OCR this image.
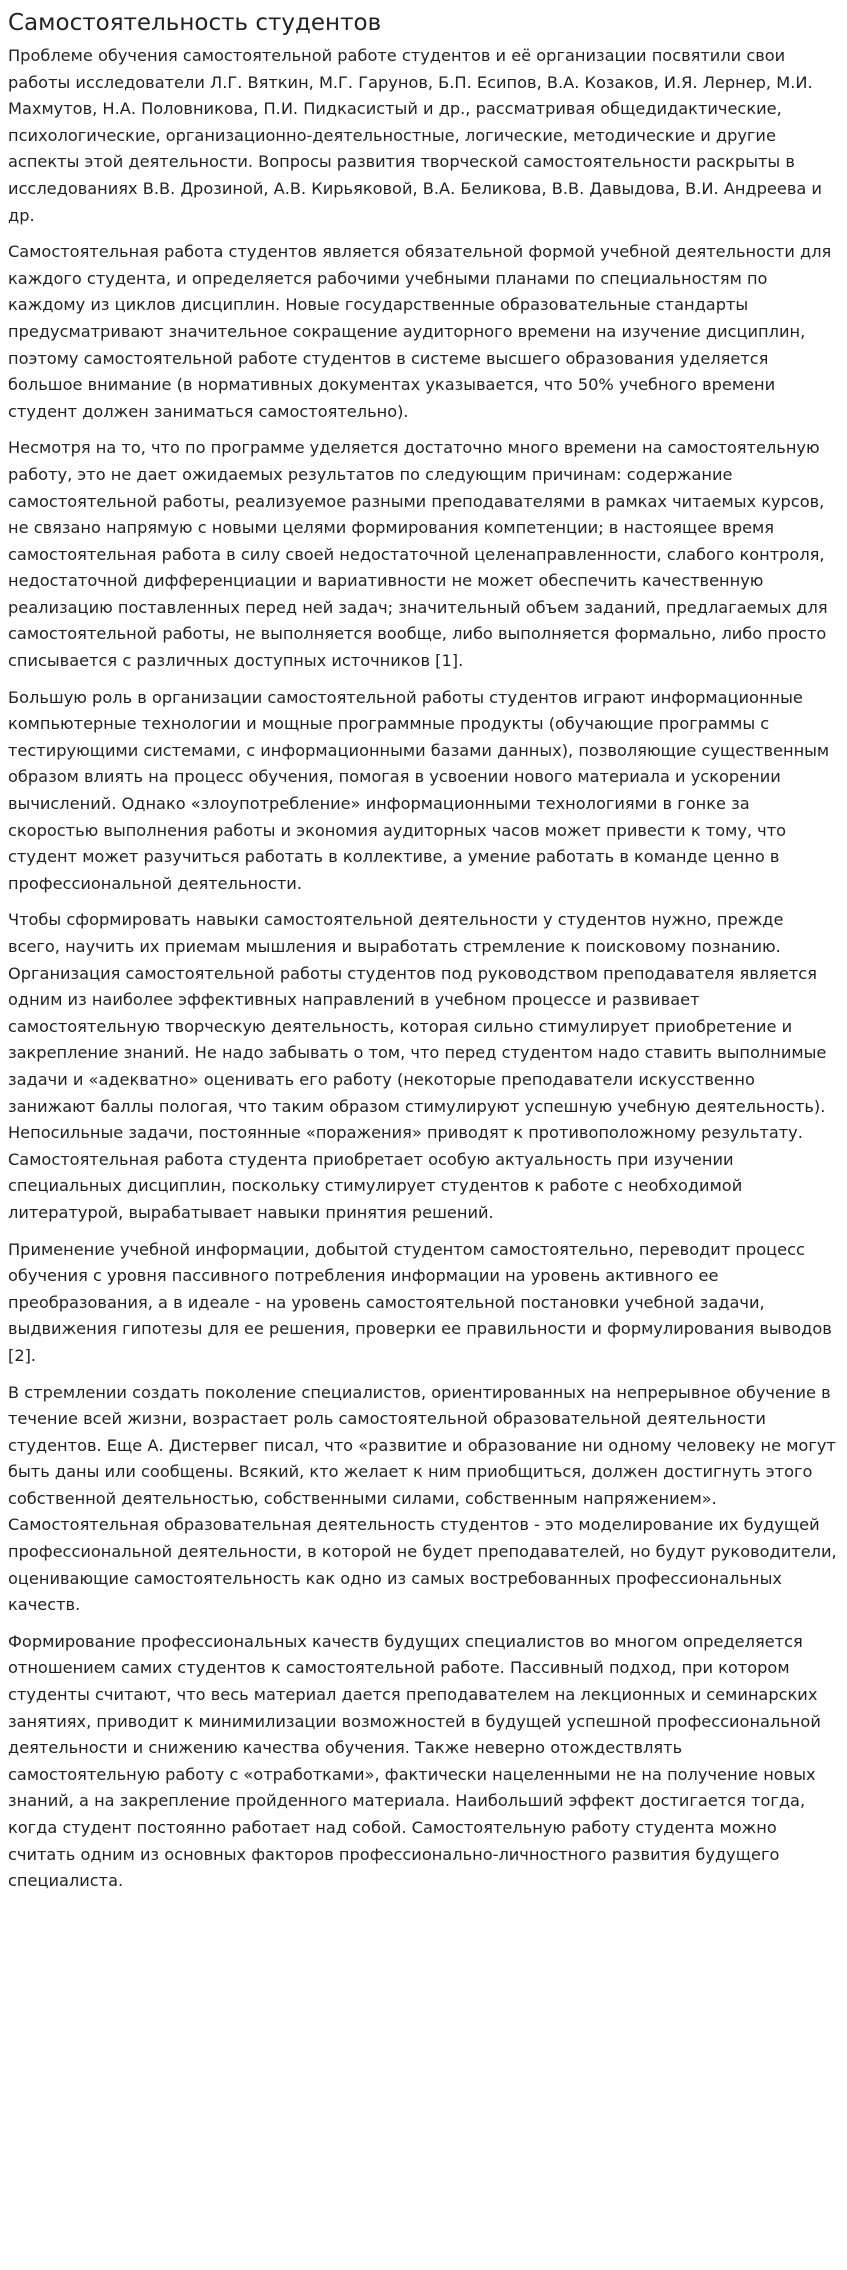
Самостоятельность студентов

Проблеме обучения самостоятельной работе студентов и её организации посвятили свои работы исследователи Л.Г. Вяткин, М.Г. Гарунов, Б.П. Есипов, В.А. Козаков, И.Я. Лернер, М.И. Махмутов, Н.А. Половникова, П.И. Пидкасистый и др., рассматривая общедидактические, психологические, организационно-деятельностные, логические, методические и другие аспекты этой деятельности. Вопросы развития творческой самостоятельности раскрыты в исследованиях В.В. Дрозиной, А.В. Кирьяковой, В.А. Беликова, В.В. Давыдова, В.И. Андреева и др.

Самостоятельная работа студентов является обязательной формой учебной деятельности для каждого студента, и определяется рабочими учебными планами по специальностям по каждому из циклов дисциплин. Новые государственные образовательные стандарты предусматривают значительное сокращение аудиторного времени на изучение дисциплин, поэтому самостоятельной работе студентов в системе высшего образования уделяется большое внимание (в нормативных документах указывается, что 50% учебного времени студент должен заниматься самостоятельно).

Несмотря на то, что по программе уделяется достаточно много времени на самостоятельную работу, это не дает ожидаемых результатов по следующим причинам: содержание самостоятельной работы, реализуемое разными преподавателями в рамках читаемых курсов, не связано напрямую с новыми целями формирования компетенции; в настоящее время самостоятельная работа в силу своей недостаточной целенаправленности, слабого контроля, недостаточной дифференциации и вариативности не может обеспечить качественную реализацию поставленных перед ней задач; значительный объем заданий, предлагаемых для самостоятельной работы, не выполняется вообще, либо выполняется формально, либо просто списывается с различных доступных источников [1].

Большую роль в организации самостоятельной работы студентов играют информационные компьютерные технологии и мощные программные продукты (обучающие программы с тестирующими системами, с информационными базами данных), позволяющие существенным образом влиять на процесс обучения, помогая в усвоении нового материала и ускорении вычислений. Однако «злоупотребление» информационными технологиями в гонке за скоростью выполнения работы и экономия аудиторных часов может привести к тому, что студент может разучиться работать в коллективе, а умение работать в команде ценно в профессиональной деятельности.

Чтобы сформировать навыки самостоятельной деятельности у студентов нужно, прежде всего, научить их приемам мышления и выработать стремление к поисковому познанию. Организация самостоятельной работы студентов под руководством преподавателя является одним из наиболее эффективных направлений в учебном процессе и развивает самостоятельную творческую деятельность, которая сильно стимулирует приобретение и закрепление знаний. Не надо забывать о том, что перед студентом надо ставить выполнимые задачи и «адекватно» оценивать его работу (некоторые преподаватели искусственно занижают баллы пологая, что таким образом стимулируют успешную учебную деятельность). Непосильные задачи, постоянные «поражения» приводят к противоположному результату. Самостоятельная работа студента приобретает особую актуальность при изучении специальных дисциплин, поскольку стимулирует студентов к работе с необходимой литературой, вырабатывает навыки принятия решений.

Применение учебной информации, добытой студентом самостоятельно, переводит процесс обучения с уровня пассивного потребления информации на уровень активного ее преобразования, а в идеале - на уровень самостоятельной постановки учебной задачи, выдвижения гипотезы для ее решения, проверки ее правильности и формулирования выводов [2].

В стремлении создать поколение специалистов, ориентированных на непрерывное обучение в течение всей жизни, возрастает роль самостоятельной образовательной деятельности студентов. Еще А. Дистервег писал, что «развитие и образование ни одному человеку не могут быть даны или сообщены. Всякий, кто желает к ним приобщиться, должен достигнуть этого собственной деятельностью, собственными силами, собственным напряжением». Самостоятельная образовательная деятельность студентов - это моделирование их будущей профессиональной деятельности, в которой не будет преподавателей, но будут руководители, оценивающие самостоятельность как одно из самых востребованных профессиональных качеств.

Формирование профессиональных качеств будущих специалистов во многом определяется отношением самих студентов к самостоятельной работе. Пассивный подход, при котором студенты считают, что весь материал дается преподавателем на лекционных и семинарских занятиях, приводит к минимилизации возможностей в будущей успешной профессиональной деятельности и снижению качества обучения. Также неверно отождествлять самостоятельную работу с «отработками», фактически нацеленными не на получение новых знаний, а на закрепление пройденного материала. Наибольший эффект достигается тогда, когда студент постоянно работает над собой. Самостоятельную работу студента можно считать одним из основных факторов профессионально-личностного развития будущего специалиста.
